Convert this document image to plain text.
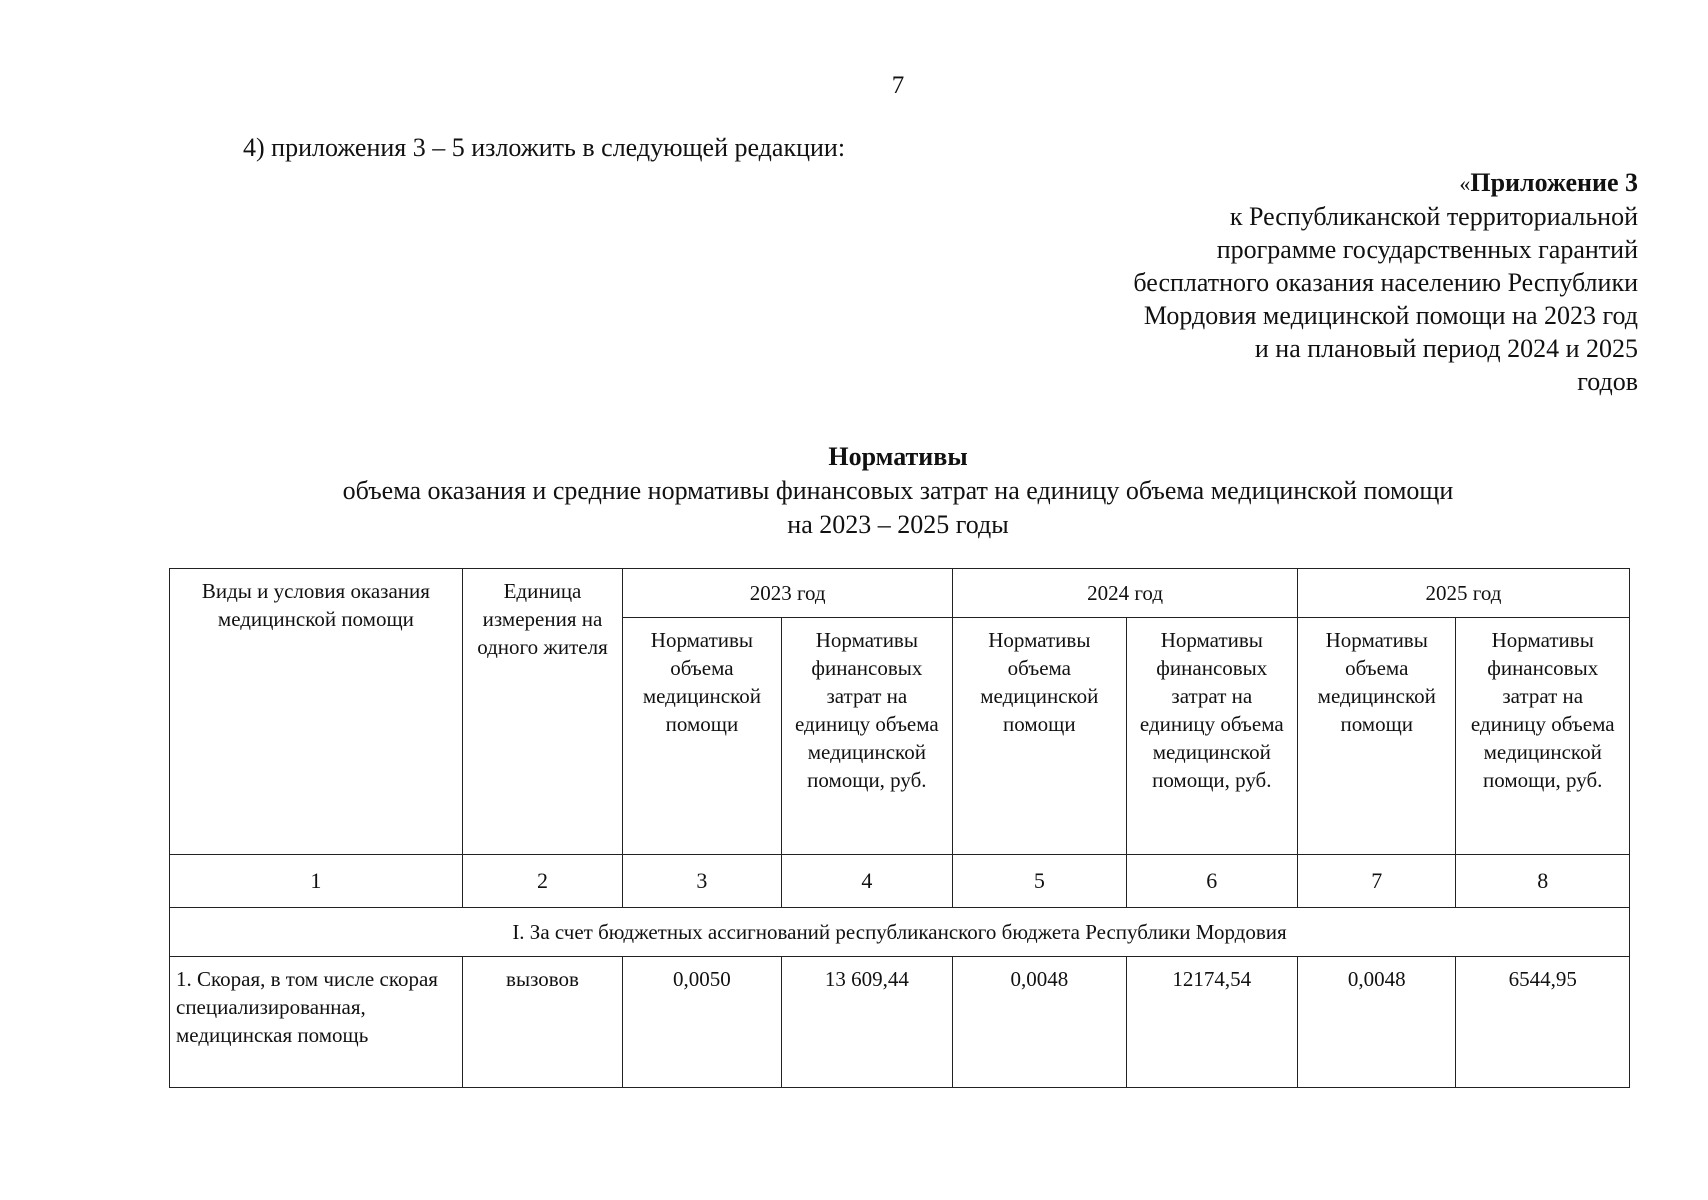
7
4) приложения 3 – 5 изложить в следующей редакции:
«Приложение 3
к Республиканской территориальной
программе государственных гарантий
бесплатного оказания населению Республики
Мордовия медицинской помощи на 2023 год
и на плановый период 2024 и 2025
годов
Нормативы
объема оказания и средние нормативы финансовых затрат на единицу объема медицинской помощи
на 2023 – 2025 годы
Виды и условия оказания медицинской помощи	Единица измерения на одного жителя	2023 год		2024 год		2025 год	
		Нормативы объема медицинской помощи	Нормативы финансовых затрат на единицу объема медицинской помощи, руб.	Нормативы объема медицинской помощи	Нормативы финансовых затрат на единицу объема медицинской помощи, руб.	Нормативы объема медицинской помощи	Нормативы финансовых затрат на единицу объема медицинской помощи, руб.
1	2	3	4	5	6	7	8
I. За счет бюджетных ассигнований республиканского бюджета Республики Мордовия							
1. Скорая, в том числе скорая специализированная, медицинская помощь	вызовов	0,0050	13 609,44	0,0048	12174,54	0,0048	6544,95
